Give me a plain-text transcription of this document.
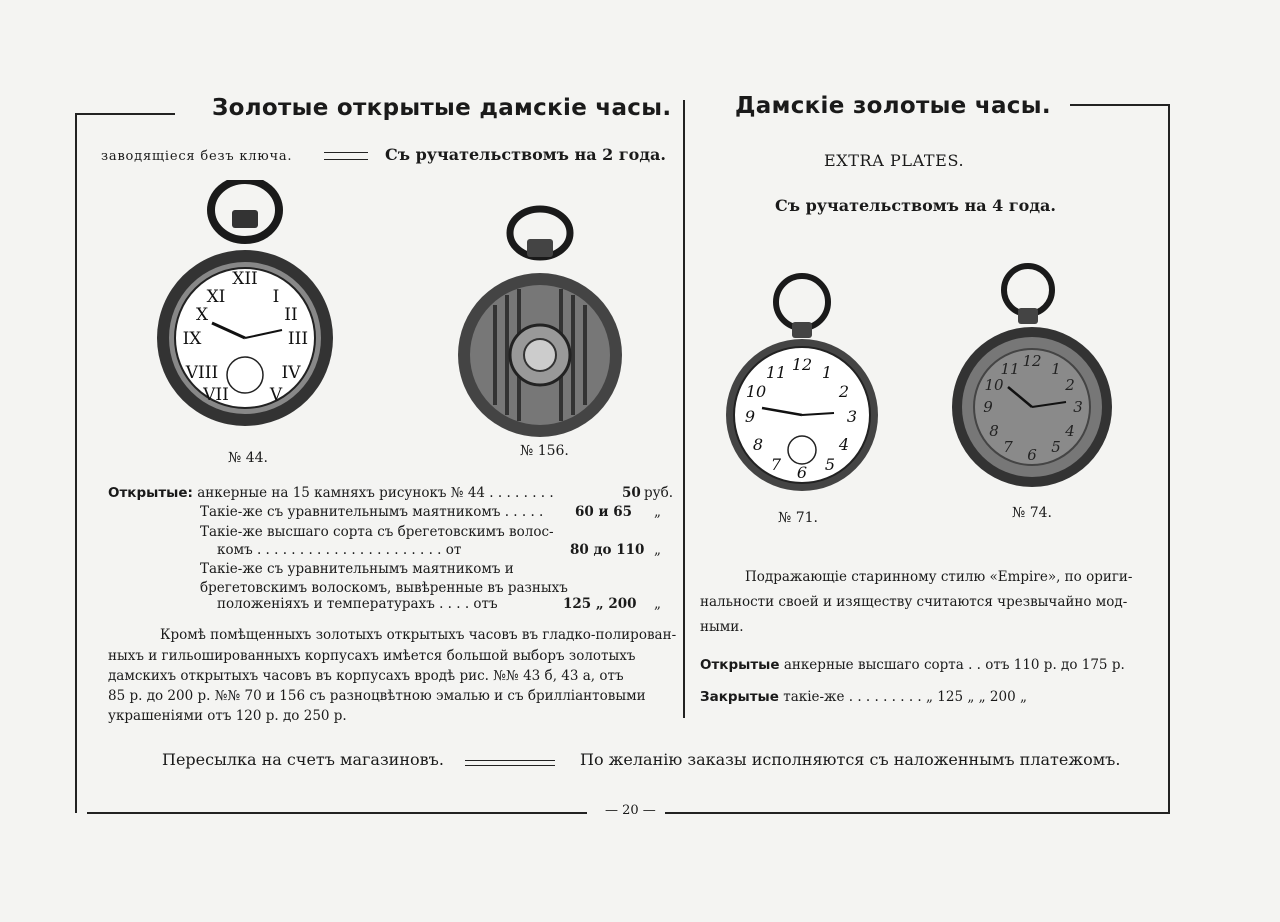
Золотые открытые дамскіе часы.
заводящiеся безъ ключа.	Съ ручательствомъ на 2 года.
XII
III
IX
I
II
IV
VIII
X
XI
VII V
№ 44.	№ 156.
Открытые: анкерные на 15 камняхъ рисунокъ № 44 . . . . . . . .	50 руб.
Такiе-же съ уравнительнымъ маятникомъ . . . . . 60 и 65 „
Такiе-же высшаго сорта съ брегетовскимъ волос-
комъ . . . . . . . . . . . . . . . . . . . . . . от	80 до 110 „
Такiе-же съ уравнительнымъ маятникомъ и брегетовскимъ волоскомъ, вывѣренные въ разныхъ
положенiяхъ и температурахъ . . . . отъ	125 „ 200 „
Кромѣ помѣщенныхъ золотыхъ открытыхъ часовъ въ гладко-полирован-
ныхъ и гильошированныхъ корпусахъ имѣется большой выборъ золотыхъ
дамскихъ открытыхъ часовъ въ корпусахъ вродѣ рис. №№ 43 б, 43 а, отъ
85 р. до 200 р. №№ 70 и 156 съ разноцвѣтною эмалью и съ брилліантовыми
украшеніями отъ 120 р. до 250 р.
Дамскiе золотые часы.
EXTRA PLATES.
Съ ручательствомъ на 4 года.
12 1
2
3
4
5
6
7
8
9
10
11
№ 71.
12
3
6
9
11 1
2
4
5
7
8
10
№ 74.
Подражающiе старинному стилю «Empire», по ориги-
нальности своей и изяществу считаются чрезвычайно мод-
ными.
Открытые анкерные высшаго сорта . . отъ 110 р. до 175 р.
Закрытые такiе-же . . . . . . . . . „ 125 „ „ 200 „
Пересылка на счетъ магазиновъ.	По желанiю заказы исполняются съ наложеннымъ платежомъ.
— 20 —
